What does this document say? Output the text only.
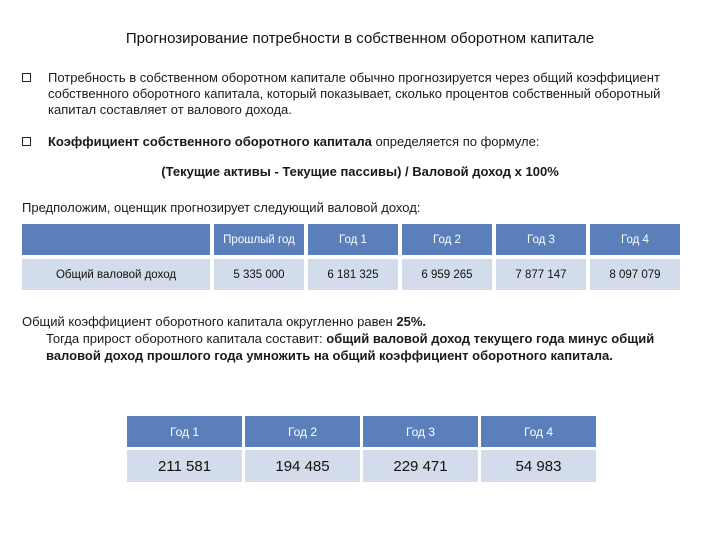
Прогнозирование потребности в собственном оборотном капитале
Потребность в собственном оборотном капитале обычно прогнозируется через общий коэффициент собственного оборотного капитала, который показывает, сколько процентов собственный оборотный капитал составляет от валового дохода.
Коэффициент собственного оборотного капитала определяется по формуле:
(Текущие активы - Текущие пассивы) / Валовой доход x 100%
Предположим, оценщик прогнозирует следующий валовой доход:
	Прошлый год	Год 1	Год 2	Год 3	Год 4
Общий валовой доход	5 335 000	6 181 325	6 959 265	7 877 147	8 097 079
Общий коэффициент оборотного капитала округленно равен 25%.
Тогда прирост оборотного капитала составит: общий валовой доход текущего года минус общий валовой доход прошлого года умножить на общий коэффициент оборотного капитала.
Год 1	Год 2	Год 3	Год 4
211 581	194 485	229 471	54 983
